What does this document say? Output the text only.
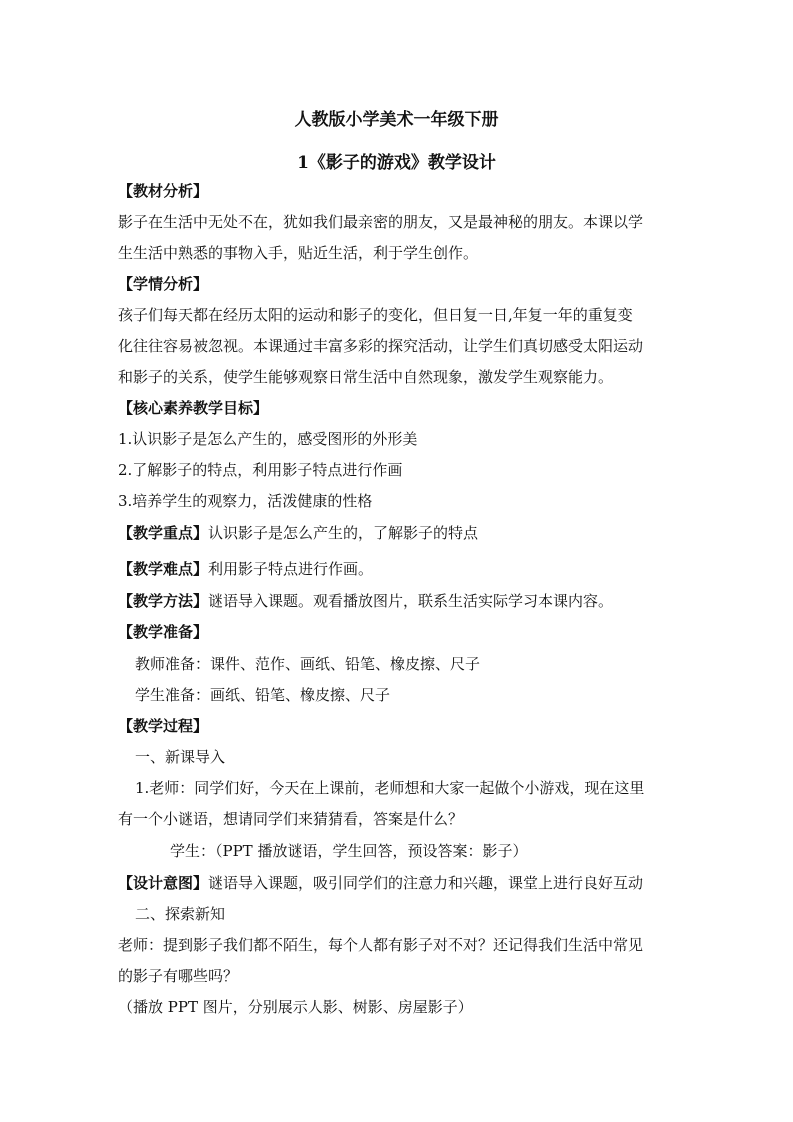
人教版小学美术一年级下册
1《影子的游戏》教学设计
【教材分析】
影子在生活中无处不在，犹如我们最亲密的朋友，又是最神秘的朋友。本课以学
生生活中熟悉的事物入手，贴近生活，利于学生创作。
【学情分析】
孩子们每天都在经历太阳的运动和影子的变化，但日复一日,年复一年的重复变
化往往容易被忽视。本课通过丰富多彩的探究活动，让学生们真切感受太阳运动
和影子的关系，使学生能够观察日常生活中自然现象，激发学生观察能力。
【核心素养教学目标】
1.认识影子是怎么产生的，感受图形的外形美
2.了解影子的特点，利用影子特点进行作画
3.培养学生的观察力，活泼健康的性格
【教学重点】认识影子是怎么产生的，了解影子的特点
【教学难点】利用影子特点进行作画。
【教学方法】谜语导入课题。观看播放图片，联系生活实际学习本课内容。
【教学准备】
教师准备：课件、范作、画纸、铅笔、橡皮擦、尺子
学生准备：画纸、铅笔、橡皮擦、尺子
【教学过程】
一、新课导入
1.老师：同学们好，今天在上课前，老师想和大家一起做个小游戏，现在这里
有一个小谜语，想请同学们来猜猜看，答案是什么？
学生：（PPT 播放谜语，学生回答，预设答案：影子）
【设计意图】谜语导入课题，吸引同学们的注意力和兴趣，课堂上进行良好互动
二、探索新知
老师：提到影子我们都不陌生，每个人都有影子对不对？还记得我们生活中常见
的影子有哪些吗？
（播放 PPT 图片，分别展示人影、树影、房屋影子）
